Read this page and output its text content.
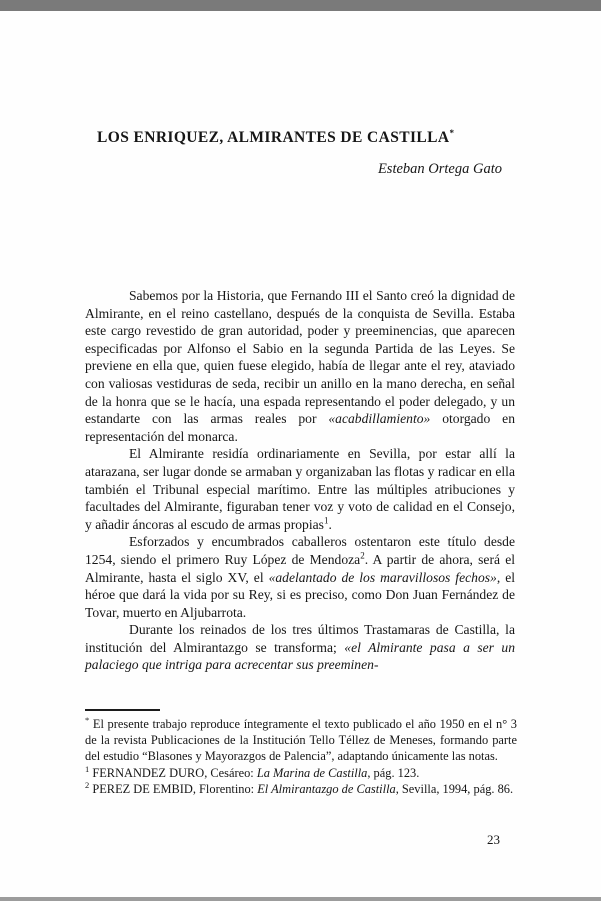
LOS ENRIQUEZ, ALMIRANTES DE CASTILLA*
Esteban Ortega Gato

Sabemos por la Historia, que Fernando III el Santo creó la dignidad de Almirante, en el reino castellano, después de la conquista de Sevilla. Estaba este cargo revestido de gran autoridad, poder y preeminencias, que aparecen especificadas por Alfonso el Sabio en la segunda Partida de las Leyes. Se previene en ella que, quien fuese elegido, había de llegar ante el rey, ataviado con valiosas vestiduras de seda, recibir un anillo en la mano derecha, en señal de la honra que se le hacía, una espada representando el poder delegado, y un estandarte con las armas reales por «acabdillamiento» otorgado en representación del monarca.

El Almirante residía ordinariamente en Sevilla, por estar allí la atarazana, ser lugar donde se armaban y organizaban las flotas y radicar en ella también el Tribunal especial marítimo. Entre las múltiples atribuciones y facultades del Almirante, figuraban tener voz y voto de calidad en el Consejo, y añadir áncoras al escudo de armas propias$^1$.

Esforzados y encumbrados caballeros ostentaron este título desde 1254, siendo el primero Ruy López de Mendoza$^2$. A partir de ahora, será el Almirante, hasta el siglo XV, el «adelantado de los maravillosos fechos», el héroe que dará la vida por su Rey, si es preciso, como Don Juan Fernández de Tovar, muerto en Aljubarrota.

Durante los reinados de los tres últimos Trastamaras de Castilla, la institución del Almirantazgo se transforma; «el Almirante pasa a ser un palaciego que intriga para acrecentar sus preeminen-

* El presente trabajo reproduce íntegramente el texto publicado el año 1950 en el n° 3 de la revista Publicaciones de la Institución Tello Téllez de Meneses, formando parte del estudio “Blasones y Mayorazgos de Palencia”, adaptando únicamente las notas.

$^1$ FERNANDEZ DURO, Cesáreo: La Marina de Castilla, pág. 123.

$^2$ PEREZ DE EMBID, Florentino: El Almirantazgo de Castilla, Sevilla, 1994, pág. 86.

23
